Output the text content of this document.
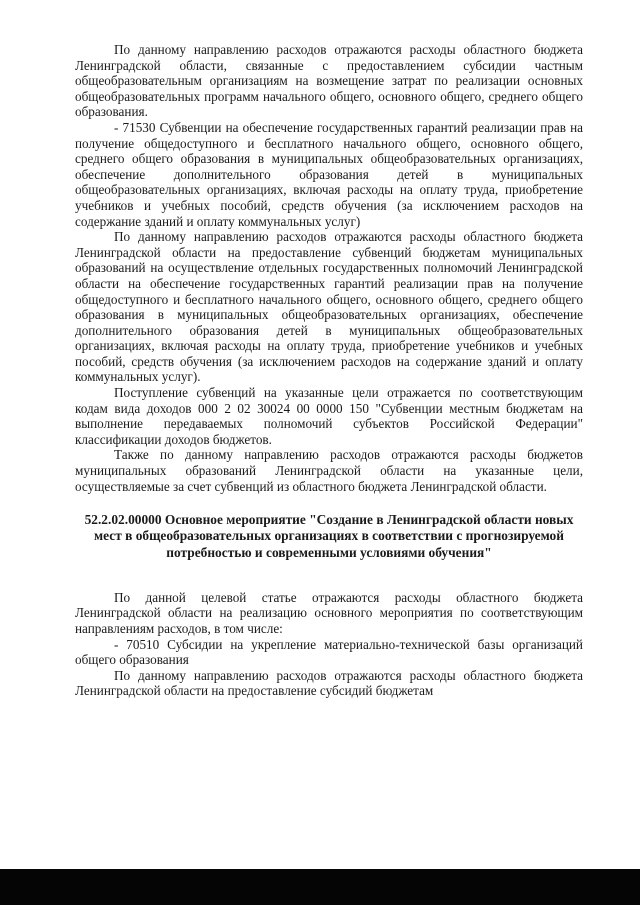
По данному направлению расходов отражаются расходы областного бюджета Ленинградской области, связанные с предоставлением субсидии частным общеобразовательным организациям на возмещение затрат по реализации основных общеобразовательных программ начального общего, основного общего, среднего общего образования.

- 71530 Субвенции на обеспечение государственных гарантий реализации прав на получение общедоступного и бесплатного начального общего, основного общего, среднего общего образования в муниципальных общеобразовательных организациях, обеспечение дополнительного образования детей в муниципальных общеобразовательных организациях, включая расходы на оплату труда, приобретение учебников и учебных пособий, средств обучения (за исключением расходов на содержание зданий и оплату коммунальных услуг)

По данному направлению расходов отражаются расходы областного бюджета Ленинградской области на предоставление субвенций бюджетам муниципальных образований на осуществление отдельных государственных полномочий Ленинградской области на обеспечение государственных гарантий реализации прав на получение общедоступного и бесплатного начального общего, основного общего, среднего общего образования в муниципальных общеобразовательных организациях, обеспечение дополнительного образования детей в муниципальных общеобразовательных организациях, включая расходы на оплату труда, приобретение учебников и учебных пособий, средств обучения (за исключением расходов на содержание зданий и оплату коммунальных услуг).

Поступление субвенций на указанные цели отражается по соответствующим кодам вида доходов 000 2 02 30024 00 0000 150 "Субвенции местным бюджетам на выполнение передаваемых полномочий субъектов Российской Федерации" классификации доходов бюджетов.

Также по данному направлению расходов отражаются расходы бюджетов муниципальных образований Ленинградской области на указанные цели, осуществляемые за счет субвенций из областного бюджета Ленинградской области.

52.2.02.00000 Основное мероприятие "Создание в Ленинградской области новых мест в общеобразовательных организациях в соответствии с прогнозируемой потребностью и современными условиями обучения"

По данной целевой статье отражаются расходы областного бюджета Ленинградской области на реализацию основного мероприятия по соответствующим направлениям расходов, в том числе:

- 70510 Субсидии на укрепление материально-технической базы организаций общего образования

По данному направлению расходов отражаются расходы областного бюджета Ленинградской области на предоставление субсидий бюджетам
